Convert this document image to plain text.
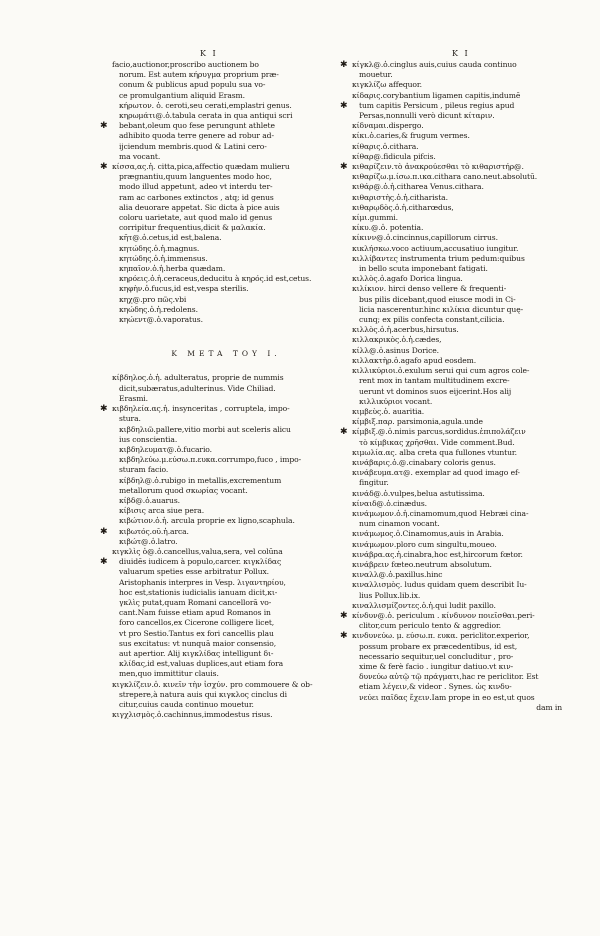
K I	K I
facio,auctionor,proscribo auctionem bo
norum. Est autem κήρυγμα proprium præ-
conum & publicus apud populu sua vo-
ce promulgantium aliquid Erasm.
κήρωτον. ὁ. ceroti,seu cerati,emplastri genus.
κηρωμάτι@.ὁ.tabula cerata in qua antiqui scri
✱ bebant,oleum quo fese perungunt athlete
adhibito quoda terre genere ad robur ad-
ijciendum membris.quod & Latini cero-
ma vocant.
✱ κίσσα,ας.ἡ. citta,pica,affectio quædam mulieru
prægnantiu,quum languentes modo hoc,
modo illud appetunt, adeo vt interdu ter-
ram ac carbones extinctos , atq; id genus
alia deuorare appetat. Sic dicta à pice auis
coloru uarietate, aut quod malo id genus
corripitur frequentius,dicit & μαλακία.
κῆτ@.ὁ.cetus,id est,balena.
κητώδης.ὁ.ἡ.magnus.
κητώδης.ὁ.ἡ.immensus.
κηπαῖον.ὁ.ἡ.herba quædam.
κηρόεις.ὁ.ἡ.ceraceus,deducitu à κηρός.id est,cetus.
κηφὴν.ὁ.fucus,id est,vespa sterilis.
κηχ@.pro πῶς.vbi
κηώδης.ὁ.ἡ.redolens.
κηώεντ@.ὁ.vaporatus.
K META TOY I.
κίβδηλος.ὁ.ἡ. adulteratus, proprie de nummis
dicit,subæratus,adulterinus. Vide Chiliad.
Erasmi.
✱ κιβδηλεία.ας.ἡ. insynceritas , corruptela, impo-
stura.
κιβδηλιῶ.pallere,vitio morbi aut sceleris alicu
ius conscientia.
κιβδηλευματ@.ὁ.fucario.
κιβδηλεύω.μ.εύσω.π.ευκα.corrumpo,fuco , impo-
sturam facio.
κίβδηλ@.ὁ.rubigo in metallis,excrementum
metallorum quod σκωρίας vocant.
κίβδ@.ὁ.auarus.
κίβισις arca siue pera.
κιβώτιον.ὁ.ἡ. arcula proprie ex ligno,scaphula.
✱ κιβωτός.οῦ.ἡ.arca.
κιβώτ@.ὁ.latro.
κιγκλὶς ὁ@.ὁ.cancellus,valua,sera, vel colūna
✱ diuidēs iudicem à populo,carcer. κιγκλίδας
valuarum speties esse arbitratur Pollux.
Aristophanis interpres in Vesp. λιγαντηρίου,
hoc est,stationis iudicialis ianuam dicit,κι-
γκλὶς putat,quam Romani cancellorā vo-
cant.Nam fuisse etiam apud Romanos in
foro cancellos,ex Cicerone colligere licet,
vt pro Sestio.Tantus ex fori cancellis plau
sus excitatus: vt nunquā maior consensio,
aut apertior. Alij κιγκλίδας intelligunt δι-
κλίδας,id est,valuas duplices,aut etiam fora
men,quo immittitur clauis.
κιγκλίζειν.ὁ. κινεῖν τὴν ἰσχύν. pro commouere & ob-
strepere,à natura auis qui κιγκλος cinclus di
citur,cuius cauda continuo mouetur.
κιγχλισμὸς.ὁ.cachinnus,immodestus risus.
✱ κίγκλ@.ὁ.cinglus auis,cuius cauda continuo
mouetur.
κιγκλίζω affequor.
κίδαρις.corybantium ligamen capitis,indumē
✱ tum capitis Persicum , pileus regius apud
Persas,nonnulli verò dicunt κίταριν.
κίδναμαι.dispergo.
κίκι.ὁ.caries,& frugum vermes.
κίθαρις.ὁ.cithara.
κίθαρ@.fidicula pifcis.
✱ κιθαρίζειν.τὸ ἀνακρούεσθαι τὸ κιθαριστήρ@.
κιθαρίζω.μ.ίσω.π.ικα.cithara cano.neut.absolutū.
κιθάρ@.ὁ.ἡ.citharea Venus.cithara.
κιθαριστὴς.ὁ.ἡ.citharista.
κιθαρῳδὸς.ὁ.ἡ.citharœdus,
κίμι.gummi.
κίκυ.@.ὁ. potentia.
κίκινν@.ὁ.cincinnus,capillorum cirrus.
κικλήσκω.voco actiuum,accusatiuo iungitur.
κιλλίβαντες instrumenta trium pedum:quibus
in bello scuta imponebant fatigati.
κιλλὸς.ὁ.agafo Dorica lingua.
κιλίκιον. hirci denso vellere & frequenti-
bus pilis dicebant,quod eiusce modi in Ci-
licia nascerentur.hinc κιλίκια dicuntur quę-
cunq; ex pilis confecta constant,cilicia.
κιλλὸς.ὁ.ἡ.acerbus,hirsutus.
κιλλακρικὸς.ὁ.ἡ.cædes,
κίλλ@.ὁ.asinus Dorice.
κιλλακτὴρ.ὁ.agafo apud eosdem.
κιλλικύριοι.ὁ.exulum serui qui cum agros cole-
rent mox in tantam multitudinem excre-
uerunt vt dominos suos eijcerint.Hos alij
κιλλικύριοι vocant.
κιμβεὺς.ὁ. auaritia.
κίμβιξ.παρ. parsimonia,agula.unde
✱ κίμβιξ.@.ὁ.nimis parcus,sordidus.ἐπιπολάζειν
τὸ κίμβικας χρῆσθαι. Vide comment.Bud.
κιμωλία.ας. alba creta qua fullones vtuntur.
κινάβαρις.ὁ.@.cinabary coloris genus.
κινάβευμα.ατ@. exemplar ad quod imago ef-
fingitur.
κινάδ@.ὁ.vulpes,belua astutissima.
κίναιδ@.ὁ.cinædus.
κινάμωμον.ὁ.ἡ.cinamomum,quod Hebræi cina-
num cinamon vocant.
κινάμωμος.ὁ.Cinamomus,auis in Arabia.
κινάμωμον.ploro cum singultu,moueo.
κινάβρα.ας.ἡ.cinabra,hoc est,hircorum fœtor.
κινάβρειν fœteo.neutrum absolutum.
κιναλλ@.ὁ.paxillus.hinc
κιναλλισμὸς. ludus quidam quem describit Iu-
lius Pollux.lib.ix.
κιναλλισμίζοντες.ὁ.ἡ.qui ludit paxillo.
✱ κίνδυν@.ὁ. periculum . κίνδυνον ποιεῖσθαι.peri-
clitor,cum periculo tento & aggredior.
✱ κινδυνεύω. μ. εύσω.π. ευκα. periclitor.experior,
possum probare ex præcedentibus, id est,
necessario sequitur,uel concluditur , pro-
xime & ferè facio . iungitur datiuo.vt κιν-
δυνεύω αὐτῷ τῷ πράγματι,hac re periclitor. Est
etiam λέγειν,& videor . Synes. ὡς κινδυ-
νεύει παῖδας ἔχειν.Iam prope in eo est,ut quos
dam in
